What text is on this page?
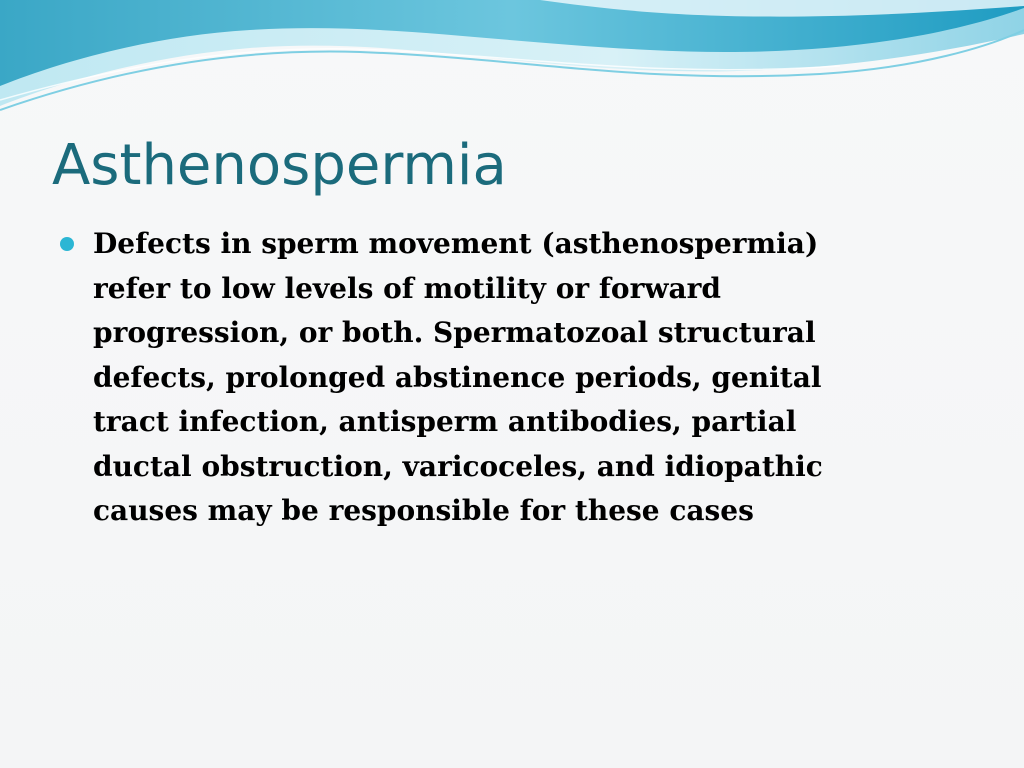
Asthenospermia
Defects in sperm movement (asthenospermia)
refer to low levels of motility or forward
progression, or both. Spermatozoal structural
defects, prolonged abstinence periods, genital
tract infection, antisperm antibodies, partial
ductal obstruction, varicoceles, and idiopathic
causes may be responsible for these cases
